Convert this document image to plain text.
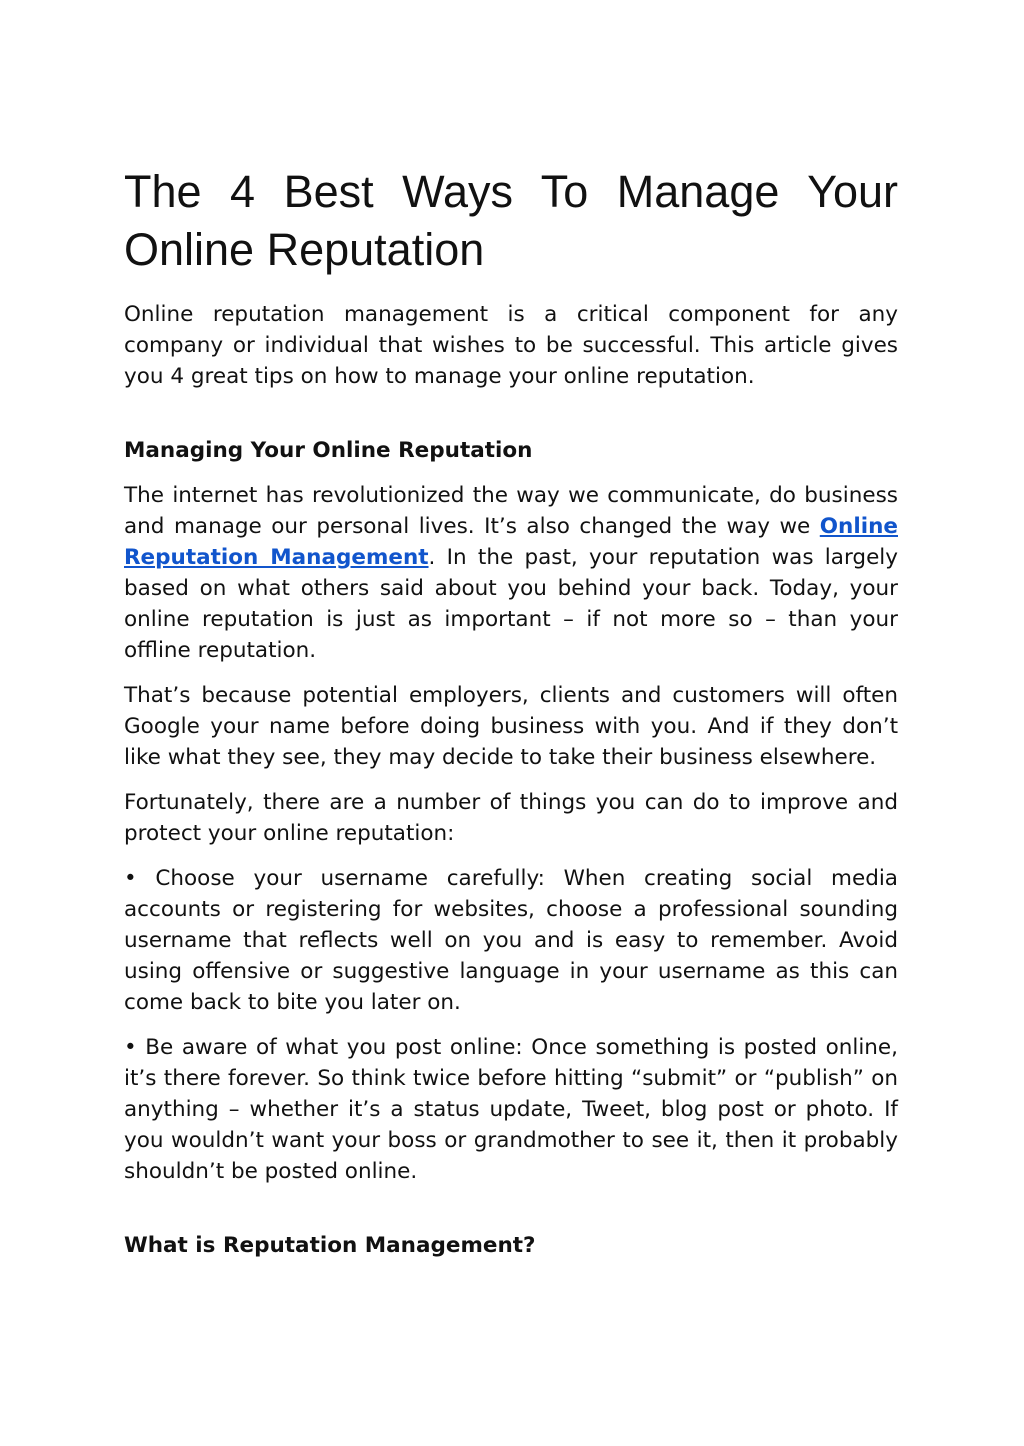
The 4 Best Ways To Manage Your
Online Reputation

Online reputation management is a critical component for any company or individual that wishes to be successful. This article gives you 4 great tips on how to manage your online reputation.

Managing Your Online Reputation

The internet has revolutionized the way we communicate, do business and manage our personal lives. It’s also changed the way we Online Reputation Management. In the past, your reputation was largely based on what others said about you behind your back. Today, your online reputation is just as important – if not more so – than your offline reputation.

That’s because potential employers, clients and customers will often Google your name before doing business with you. And if they don’t like what they see, they may decide to take their business elsewhere.

Fortunately, there are a number of things you can do to improve and protect your online reputation:

• Choose your username carefully: When creating social media accounts or registering for websites, choose a professional sounding username that reflects well on you and is easy to remember. Avoid using offensive or suggestive language in your username as this can come back to bite you later on.

• Be aware of what you post online: Once something is posted online, it’s there forever. So think twice before hitting “submit” or “publish” on anything – whether it’s a status update, Tweet, blog post or photo. If you wouldn’t want your boss or grandmother to see it, then it probably shouldn’t be posted online.

What is Reputation Management?
